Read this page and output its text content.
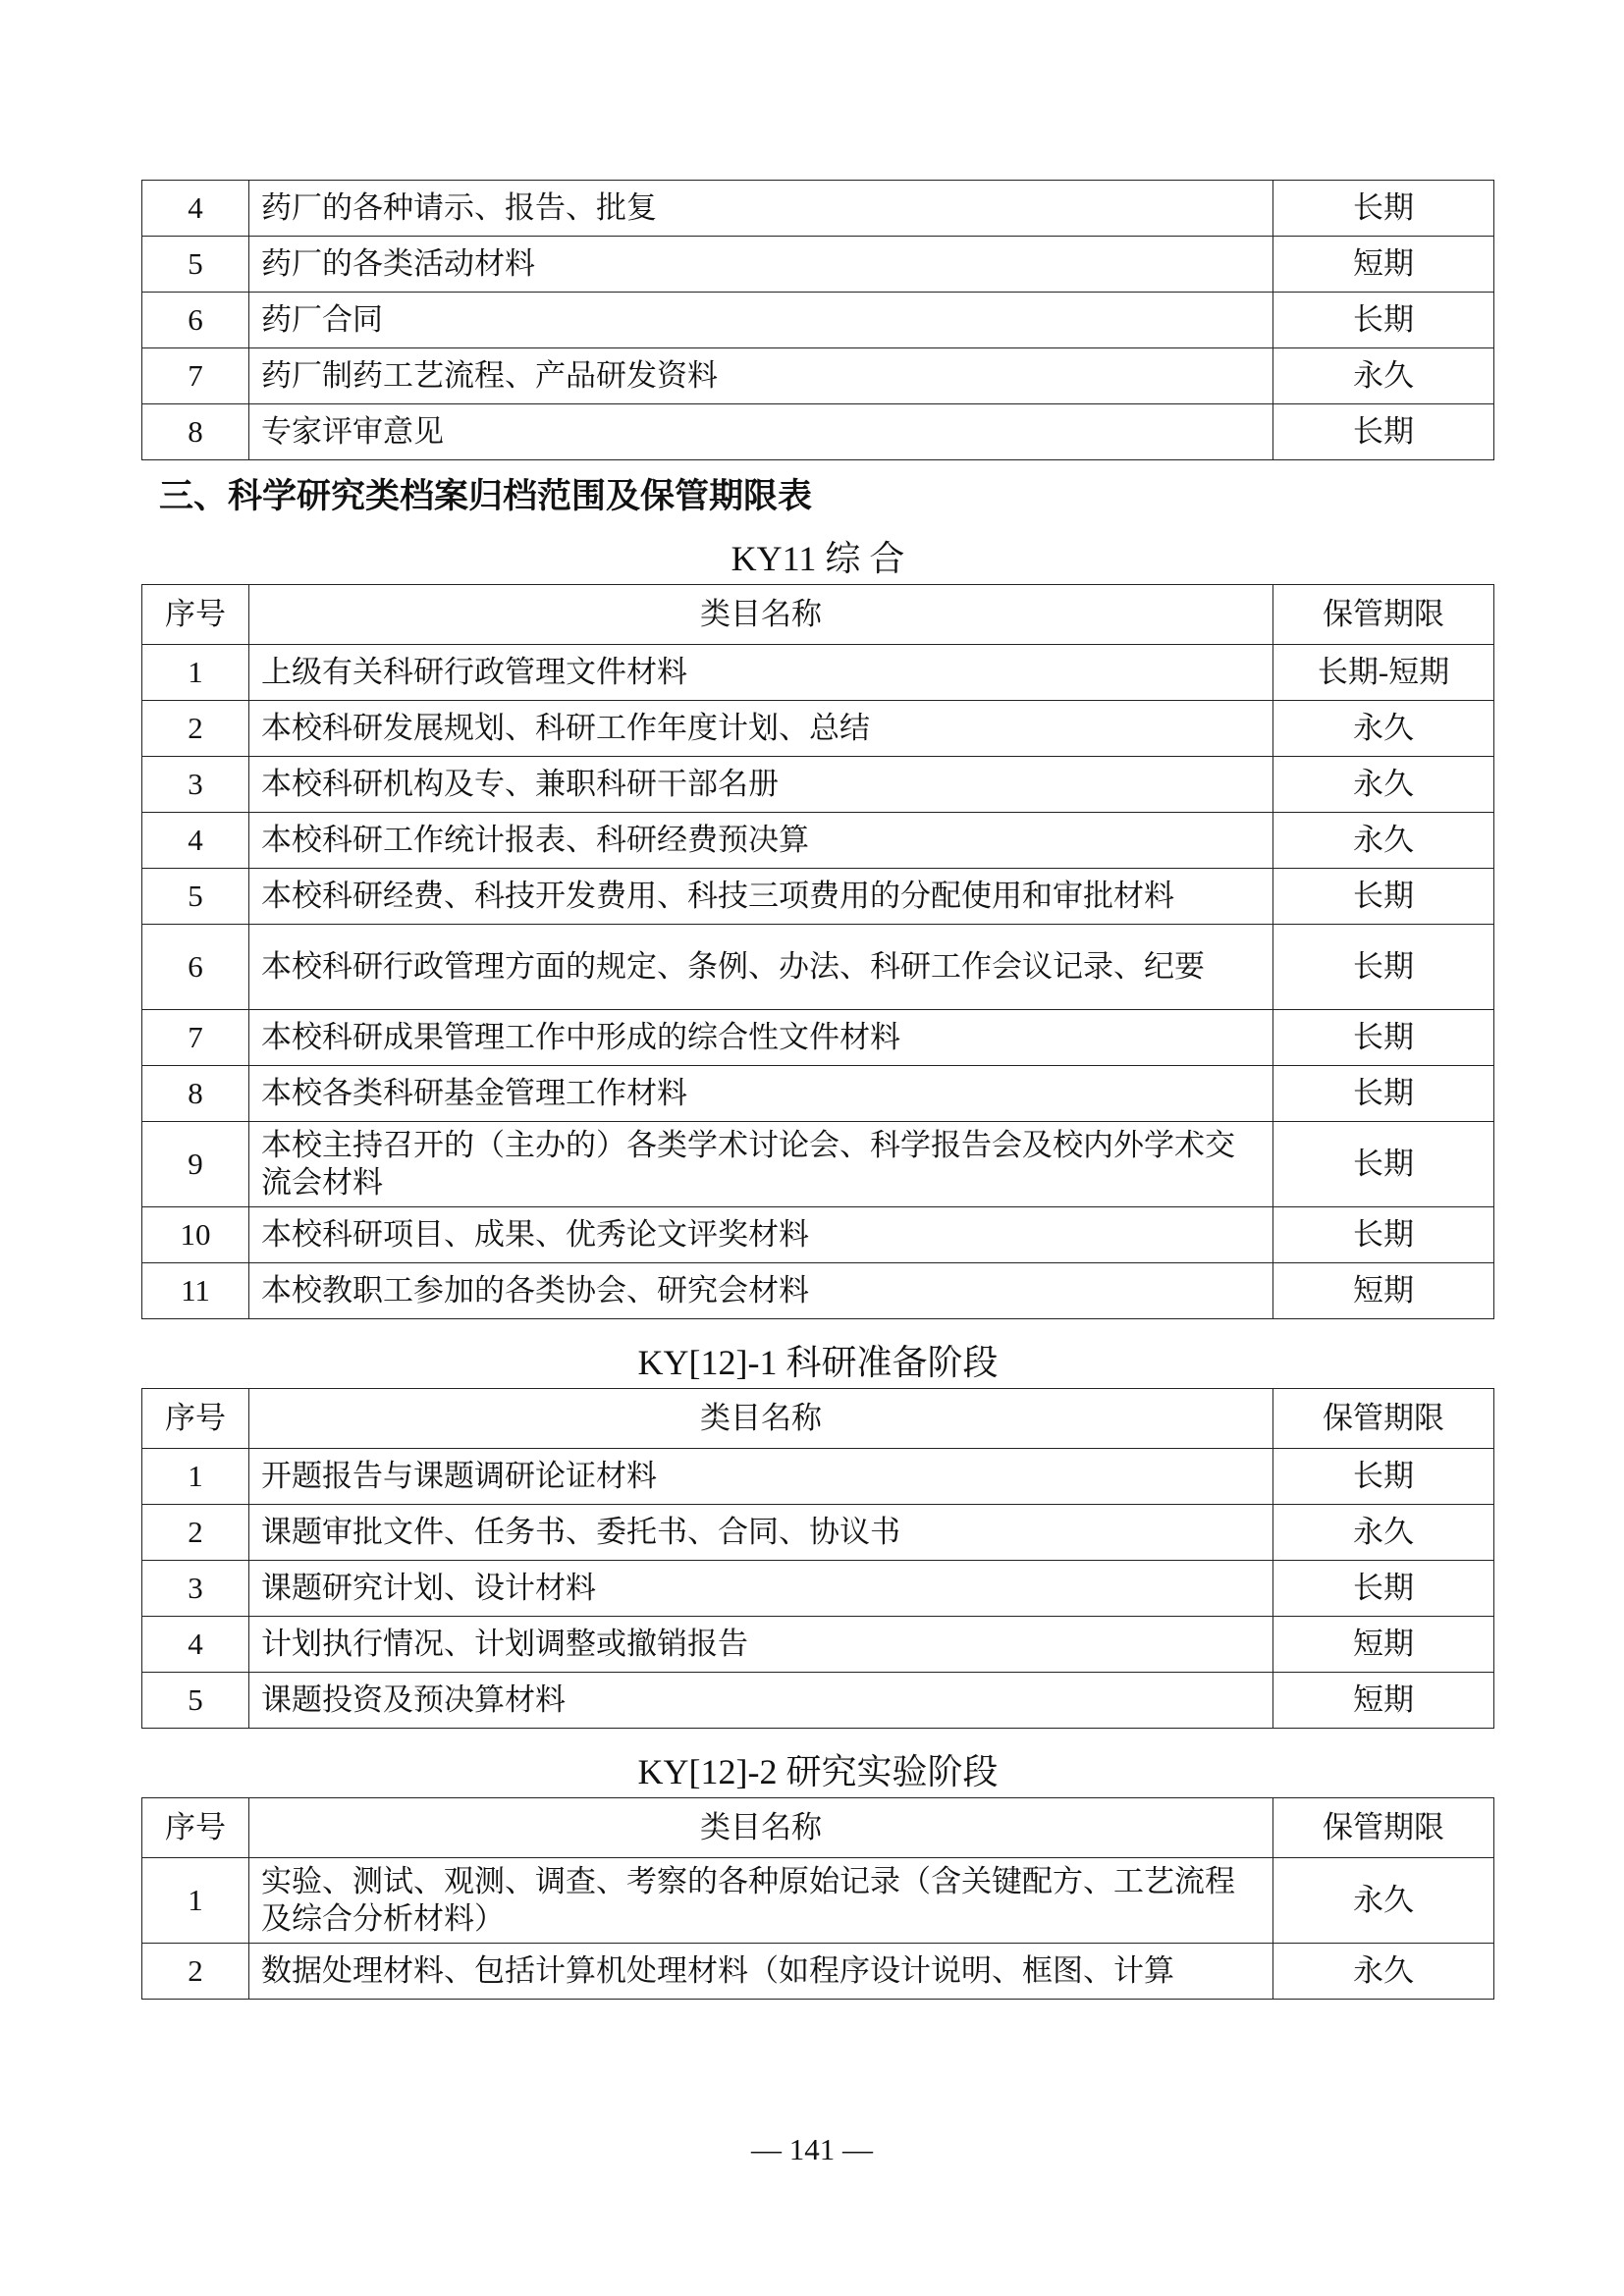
4	药厂的各种请示、报告、批复	长期
5	药厂的各类活动材料	短期
6	药厂合同	长期
7	药厂制药工艺流程、产品研发资料	永久
8	专家评审意见	长期
三、科学研究类档案归档范围及保管期限表
KY11 综 合
序号	类目名称	保管期限
1	上级有关科研行政管理文件材料	长期-短期
2	本校科研发展规划、科研工作年度计划、总结	永久
3	本校科研机构及专、兼职科研干部名册	永久
4	本校科研工作统计报表、科研经费预决算	永久
5	本校科研经费、科技开发费用、科技三项费用的分配使用和审批材料	长期
6	本校科研行政管理方面的规定、条例、办法、科研工作会议记录、纪要	长期
7	本校科研成果管理工作中形成的综合性文件材料	长期
8	本校各类科研基金管理工作材料	长期
9	本校主持召开的（主办的）各类学术讨论会、科学报告会及校内外学术交流会材料	长期
10	本校科研项目、成果、优秀论文评奖材料	长期
11	本校教职工参加的各类协会、研究会材料	短期
KY[12]-1 科研准备阶段
序号	类目名称	保管期限
1	开题报告与课题调研论证材料	长期
2	课题审批文件、任务书、委托书、合同、协议书	永久
3	课题研究计划、设计材料	长期
4	计划执行情况、计划调整或撤销报告	短期
5	课题投资及预决算材料	短期
KY[12]-2 研究实验阶段
序号	类目名称	保管期限
1	实验、测试、观测、调查、考察的各种原始记录（含关键配方、工艺流程及综合分析材料）	永久
2	数据处理材料、包括计算机处理材料（如程序设计说明、框图、计算	永久
— 141 —
